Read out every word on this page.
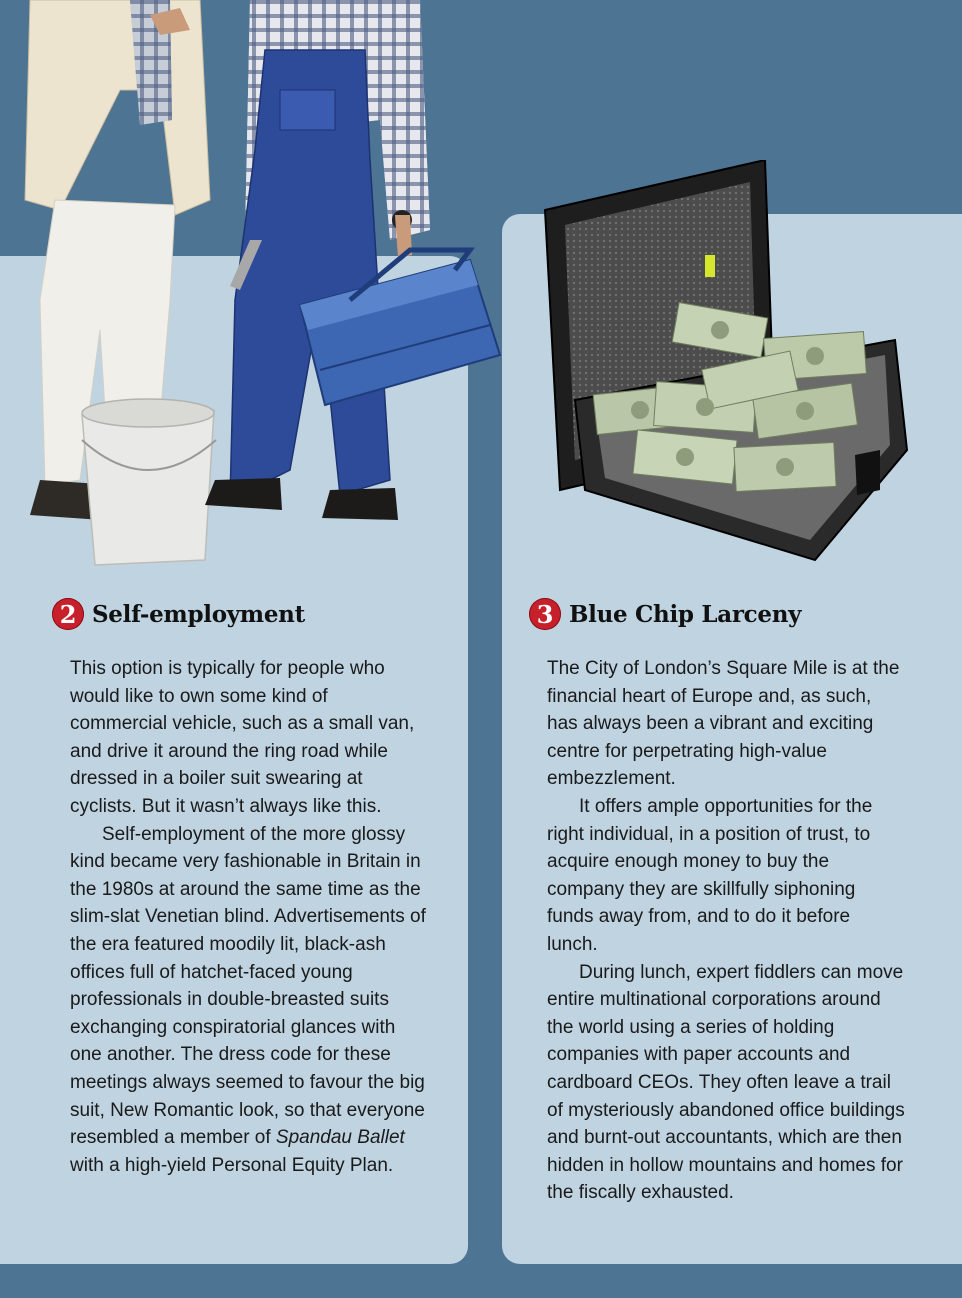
2 Self-employment	3 Blue Chip Larceny

This option is typically for people who would like to own some kind of commercial vehicle, such as a small van, and drive it around the ring road while dressed in a boiler suit swearing at cyclists. But it wasn’t always like this.

Self-employment of the more glossy kind became very fashionable in Britain in the 1980s at around the same time as the slim-slat Venetian blind. Advertisements of the era featured moodily lit, black-ash offices full of hatchet-faced young professionals in double-breasted suits exchanging conspiratorial glances with one another. The dress code for these meetings always seemed to favour the big suit, New Romantic look, so that everyone resembled a member of Spandau Ballet with a high-yield Personal Equity Plan.

The City of London’s Square Mile is at the financial heart of Europe and, as such, has always been a vibrant and exciting centre for perpetrating high-value embezzlement.

It offers ample opportunities for the right individual, in a position of trust, to acquire enough money to buy the company they are skillfully siphoning funds away from, and to do it before lunch.

During lunch, expert fiddlers can move entire multinational corporations around the world using a series of holding companies with paper accounts and cardboard CEOs. They often leave a trail of mysteriously abandoned office buildings and burnt-out accountants, which are then hidden in hollow mountains and homes for the fiscally exhausted.
